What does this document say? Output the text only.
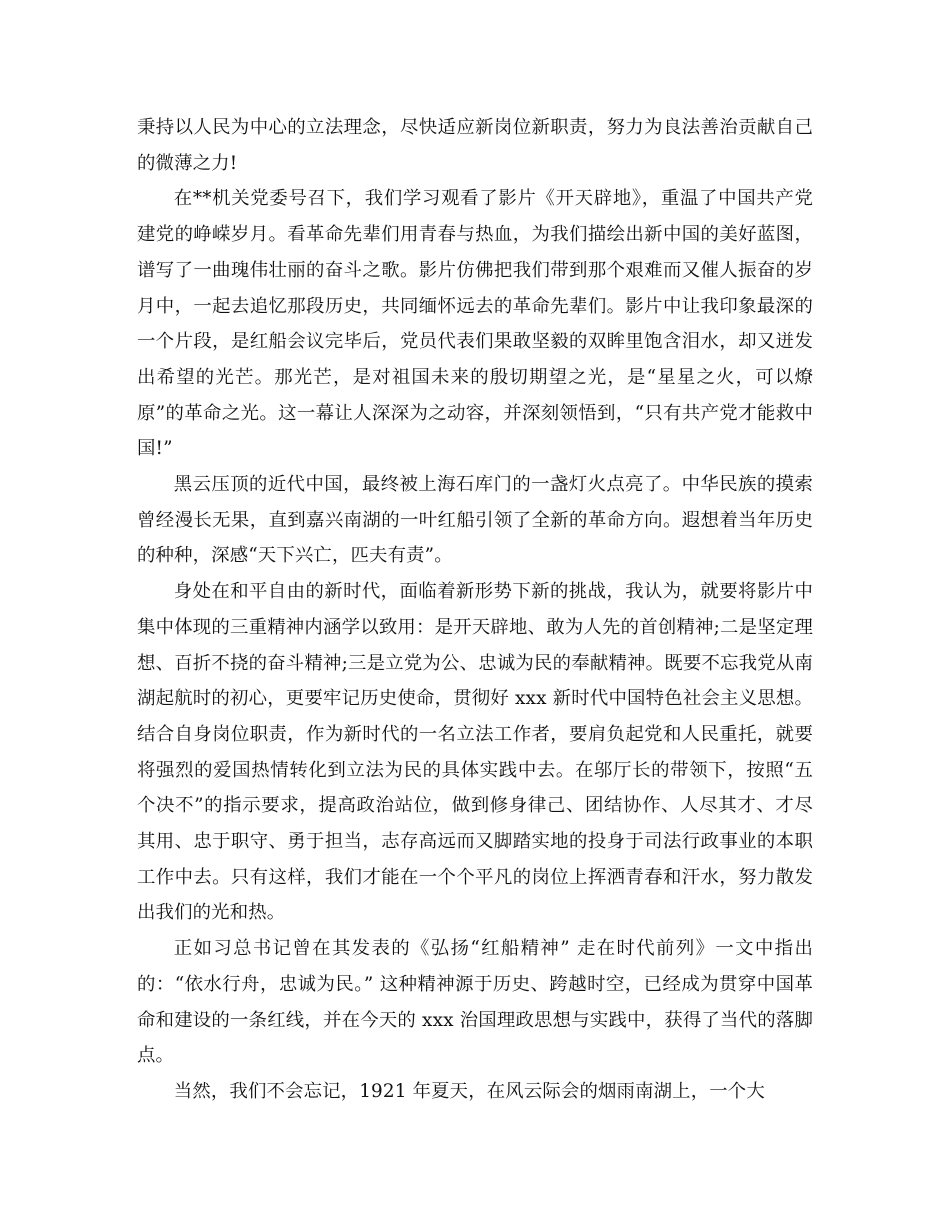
秉持以人民为中心的立法理念，尽快适应新岗位新职责，努力为良法善治贡献自己的微薄之力!

在**机关党委号召下，我们学习观看了影片《开天辟地》，重温了中国共产党建党的峥嵘岁月。看革命先辈们用青春与热血，为我们描绘出新中国的美好蓝图，谱写了一曲瑰伟壮丽的奋斗之歌。影片仿佛把我们带到那个艰难而又催人振奋的岁月中，一起去追忆那段历史，共同缅怀远去的革命先辈们。影片中让我印象最深的一个片段，是红船会议完毕后，党员代表们果敢坚毅的双眸里饱含泪水，却又迸发出希望的光芒。那光芒，是对祖国未来的殷切期望之光，是“星星之火，可以燎原”的革命之光。这一幕让人深深为之动容，并深刻领悟到，“只有共产党才能救中国!”

黑云压顶的近代中国，最终被上海石库门的一盏灯火点亮了。中华民族的摸索曾经漫长无果，直到嘉兴南湖的一叶红船引领了全新的革命方向。遐想着当年历史的种种，深感“天下兴亡，匹夫有责”。

身处在和平自由的新时代，面临着新形势下新的挑战，我认为，就要将影片中集中体现的三重精神内涵学以致用：是开天辟地、敢为人先的首创精神;二是坚定理想、百折不挠的奋斗精神;三是立党为公、忠诚为民的奉献精神。既要不忘我党从南湖起航时的初心，更要牢记历史使命，贯彻好 xxx 新时代中国特色社会主义思想。结合自身岗位职责，作为新时代的一名立法工作者，要肩负起党和人民重托，就要将强烈的爱国热情转化到立法为民的具体实践中去。在邬厅长的带领下，按照“五个决不”的指示要求，提高政治站位，做到修身律己、团结协作、人尽其才、才尽其用、忠于职守、勇于担当，志存高远而又脚踏实地的投身于司法行政事业的本职工作中去。只有这样，我们才能在一个个平凡的岗位上挥洒青春和汗水，努力散发出我们的光和热。

正如习总书记曾在其发表的《弘扬“红船精神” 走在时代前列》一文中指出的：“依水行舟，忠诚为民。” 这种精神源于历史、跨越时空，已经成为贯穿中国革命和建设的一条红线，并在今天的 xxx 治国理政思想与实践中，获得了当代的落脚点。

当然，我们不会忘记，1921 年夏天，在风云际会的烟雨南湖上，一个大
